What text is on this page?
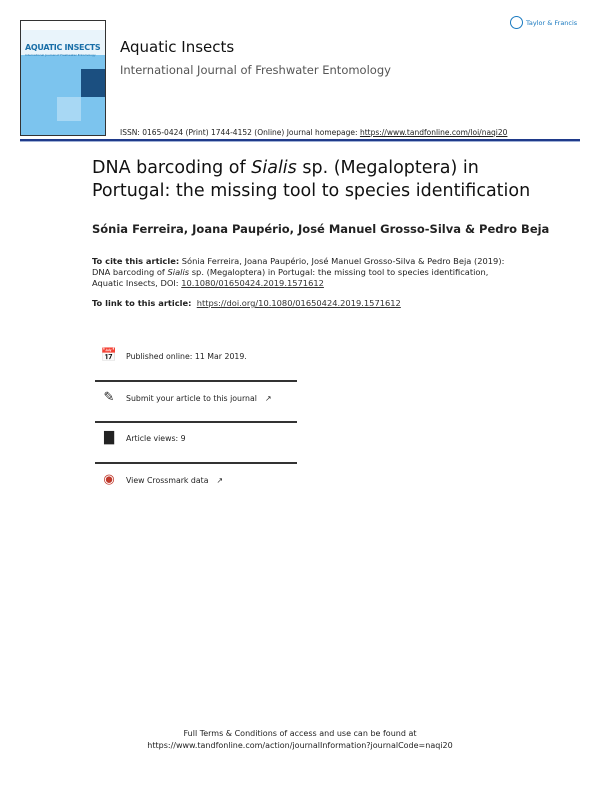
AQUATIC INSECTS
International Journal of Freshwater Entomology Aquatic Insects
International Journal of Freshwater Entomology
Taylor & Francis
ISSN: 0165-0424 (Print) 1744-4152 (Online) Journal homepage: https://www.tandfonline.com/loi/naqi20
DNA barcoding of Sialis sp. (Megaloptera) in Portugal: the missing tool to species identification
Sónia Ferreira, Joana Paupério, José Manuel Grosso-Silva & Pedro Beja
To cite this article: Sónia Ferreira, Joana Paupério, José Manuel Grosso-Silva & Pedro Beja (2019): DNA barcoding of Sialis sp. (Megaloptera) in Portugal: the missing tool to species identification, Aquatic Insects, DOI: 10.1080/01650424.2019.1571612
To link to this article: https://doi.org/10.1080/01650424.2019.1571612
📅 Published online: 11 Mar 2019.
✎	Submit your article to this journal ↗
▇	Article views: 9
◉	View Crossmark data ↗
Full Terms & Conditions of access and use can be found at
https://www.tandfonline.com/action/journalInformation?journalCode=naqi20
